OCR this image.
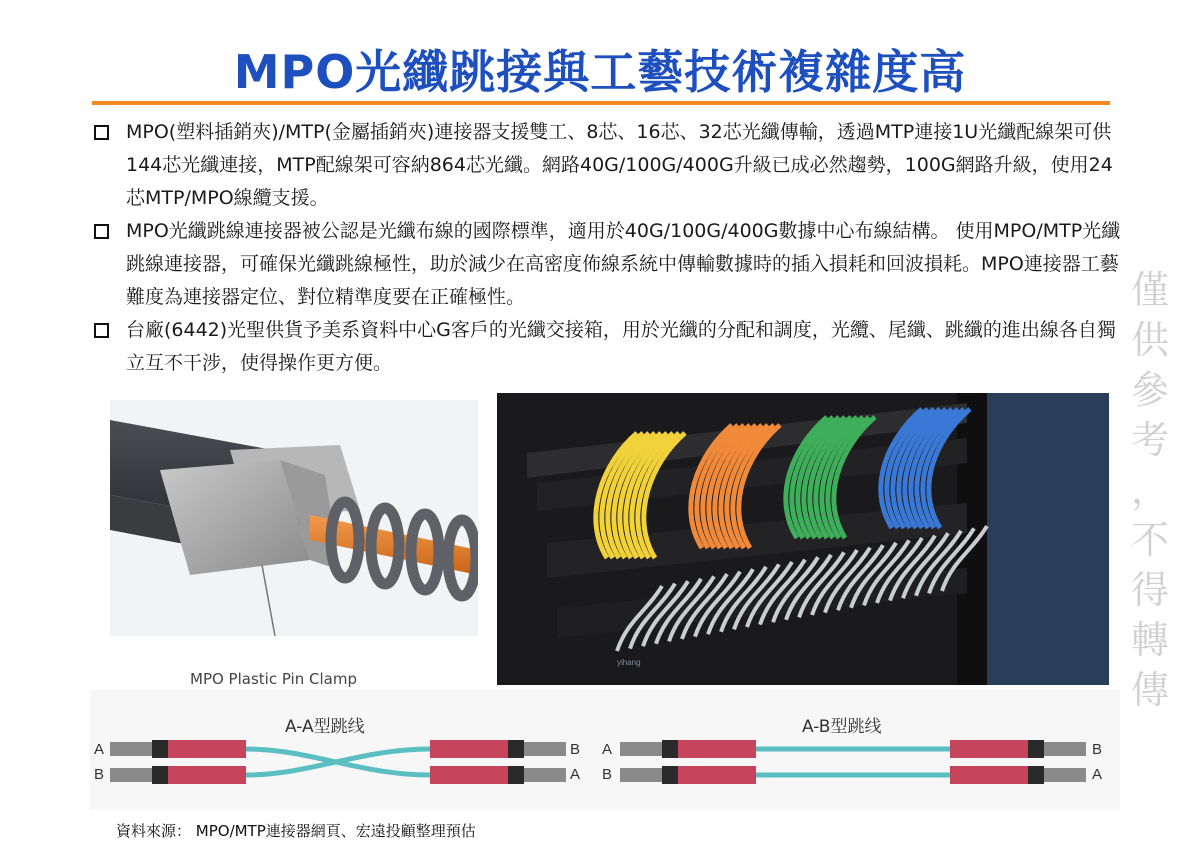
MPO光纖跳接與工藝技術複雜度高
MPO(塑料插銷夾)/MTP(金屬插銷夾)連接器支援雙工、8芯、16芯、32芯光纖傳輸，透過MTP連接1U光纖配線架可供144芯光纖連接，MTP配線架可容納864芯光纖。網路40G/100G/400G升級已成必然趨勢，100G網路升級，使用24芯MTP/MPO線纜支援。
MPO光纖跳線連接器被公認是光纖布線的國際標準，適用於40G/100G/400G數據中心布線結構。 使用MPO/MTP光纖跳線連接器，可確保光纖跳線極性，助於減少在高密度佈線系統中傳輸數據時的插入損耗和回波損耗。MPO連接器工藝難度為連接器定位、對位精準度要在正確極性。
台廠(6442)光聖供貨予美系資料中心G客戶的光纖交接箱，用於光纖的分配和調度，光纜、尾纖、跳纖的進出線各自獨立互不干涉，使得操作更方便。
僅
供
參
考
，
不
得
轉
傳
MPO Plastic Pin Clamp
yihang
A-A型跳线	A-B型跳线
A
B
B
A
A
B
B
A
資料來源： MPO/MTP連接器網頁、宏遠投顧整理預估
